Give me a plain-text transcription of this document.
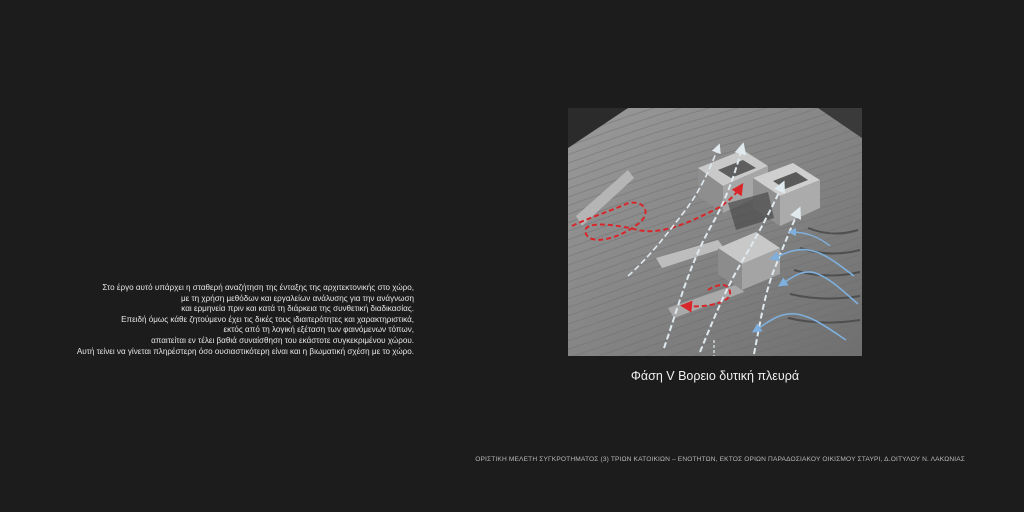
Στο έργο αυτό υπάρχει η σταθερή αναζήτηση της ένταξης της αρχιτεκτονικής στο χώρο,
με τη χρήση μεθόδων και εργαλείων ανάλυσης για την ανάγνωση
και ερμηνεία πριν και κατά τη διάρκεια της συνθετική διαδικασίας.
Επειδή όμως κάθε ζητούμενο έχει τις δικές τους ιδιαιτερότητες και χαρακτηριστικά,
εκτός από τη λογική εξέταση των φαινόμενων τόπων,
απαιτείται εν τέλει βαθιά συναίσθηση του εκάστοτε συγκεκριμένου χώρου.
Αυτή τείνει να γίνεται πληρέστερη όσο ουσιαστικότερη είναι και η βιωματική σχέση με το χώρο.
Φάση V Βορειο δυτική πλευρά
ΟΡΙΣΤΙΚΗ ΜΕΛΕΤΗ ΣΥΓΚΡΟΤΗΜΑΤΟΣ (3) ΤΡΙΩΝ ΚΑΤΟΙΚΙΩΝ – ΕΝΟΤΗΤΩΝ, ΕΚΤΟΣ ΟΡΙΩΝ ΠΑΡΑΔΟΣΙΑΚΟΥ ΟΙΚΙΣΜΟΥ ΣΤΑΥΡΙ, Δ.ΟΙΤΥΛΟΥ Ν. ΛΑΚΩΝΙΑΣ
